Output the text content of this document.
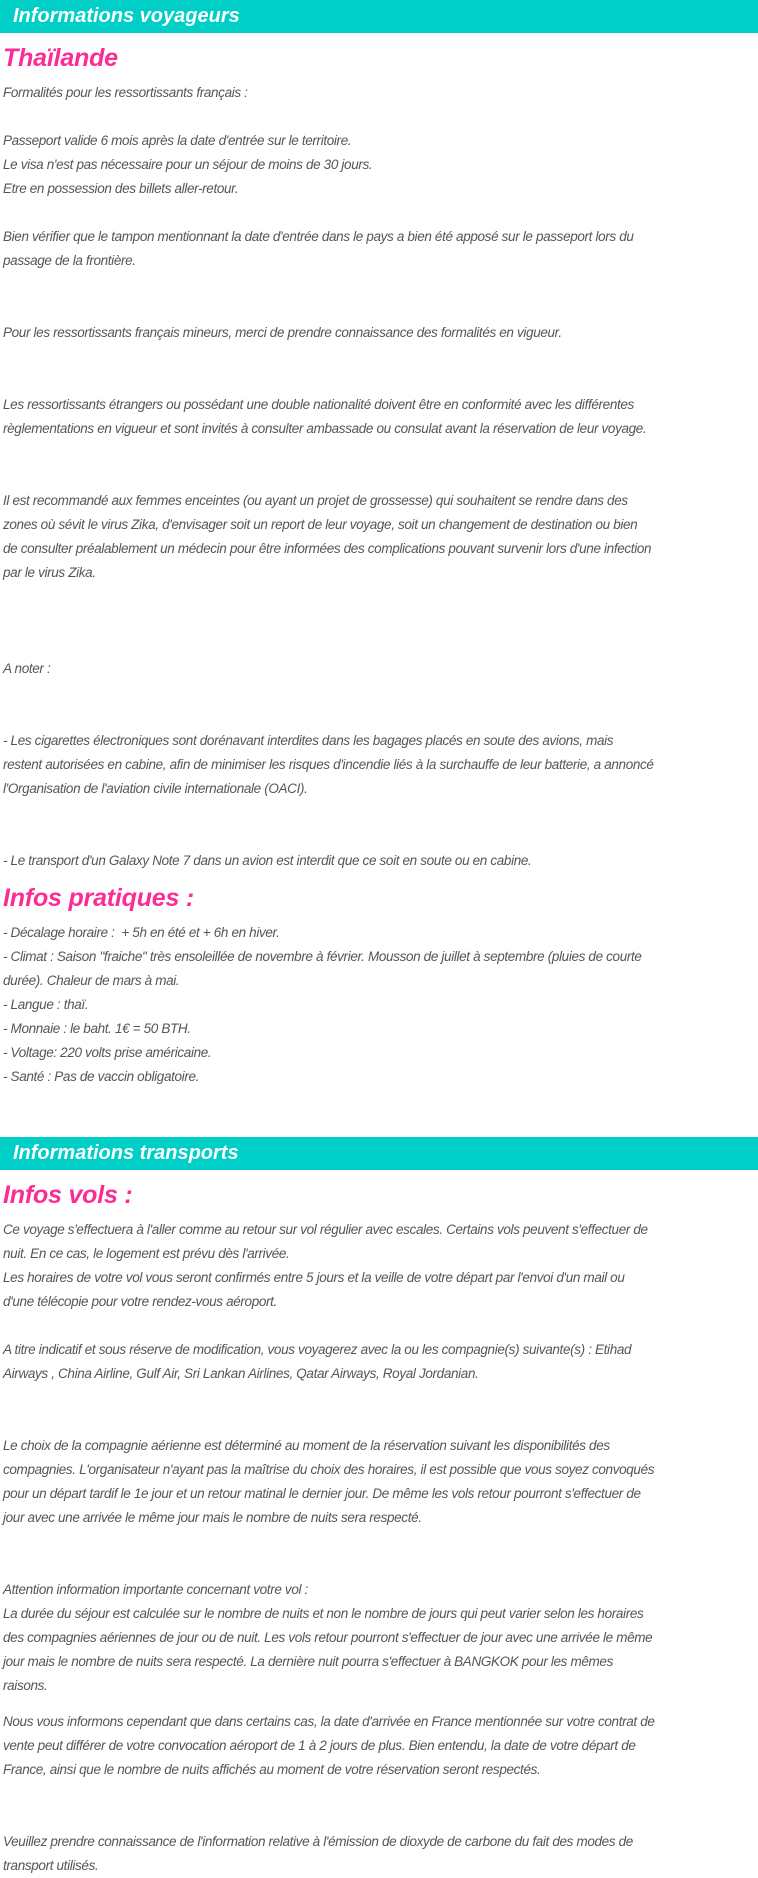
Informations voyageurs
Thaïlande

Formalités pour les ressortissants français :

Passeport valide 6 mois après la date d'entrée sur le territoire.
Le visa n'est pas nécessaire pour un séjour de moins de 30 jours.
Etre en possession des billets aller-retour.

Bien vérifier que le tampon mentionnant la date d'entrée dans le pays a bien été apposé sur le passeport lors du passage de la frontière.

Pour les ressortissants français mineurs, merci de prendre connaissance des formalités en vigueur.

Les ressortissants étrangers ou possédant une double nationalité doivent être en conformité avec les différentes règlementations en vigueur et sont invités à consulter ambassade ou consulat avant la réservation de leur voyage.

Il est recommandé aux femmes enceintes (ou ayant un projet de grossesse) qui souhaitent se rendre dans des zones où sévit le virus Zika, d'envisager soit un report de leur voyage, soit un changement de destination ou bien de consulter préalablement un médecin pour être informées des complications pouvant survenir lors d'une infection par le virus Zika.

A noter :

- Les cigarettes électroniques sont dorénavant interdites dans les bagages placés en soute des avions, mais restent autorisées en cabine, afin de minimiser les risques d'incendie liés à la surchauffe de leur batterie, a annoncé l'Organisation de l'aviation civile internationale (OACI).

- Le transport d'un Galaxy Note 7 dans un avion est interdit que ce soit en soute ou en cabine.

Infos pratiques :

- Décalage horaire :  + 5h en été et + 6h en hiver.
- Climat : Saison "fraiche" très ensoleillée de novembre à février. Mousson de juillet à septembre (pluies de courte durée). Chaleur de mars à mai.
- Langue : thaï.
- Monnaie : le baht. 1€ = 50 BTH.
- Voltage: 220 volts prise américaine.
- Santé : Pas de vaccin obligatoire.

Informations transports
Infos vols :

Ce voyage s'effectuera à l'aller comme au retour sur vol régulier avec escales. Certains vols peuvent s'effectuer de nuit. En ce cas, le logement est prévu dès l'arrivée.
Les horaires de votre vol vous seront confirmés entre 5 jours et la veille de votre départ par l'envoi d'un mail ou d'une télécopie pour votre rendez-vous aéroport.

A titre indicatif et sous réserve de modification, vous voyagerez avec la ou les compagnie(s) suivante(s) : Etihad Airways , China Airline, Gulf Air, Sri Lankan Airlines, Qatar Airways, Royal Jordanian.

Le choix de la compagnie aérienne est déterminé au moment de la réservation suivant les disponibilités des compagnies. L'organisateur n'ayant pas la maîtrise du choix des horaires, il est possible que vous soyez convoqués pour un départ tardif le 1e jour et un retour matinal le dernier jour. De même les vols retour pourront s'effectuer de jour avec une arrivée le même jour mais le nombre de nuits sera respecté.

Attention information importante concernant votre vol :
La durée du séjour est calculée sur le nombre de nuits et non le nombre de jours qui peut varier selon les horaires des compagnies aériennes de jour ou de nuit. Les vols retour pourront s'effectuer de jour avec une arrivée le même jour mais le nombre de nuits sera respecté. La dernière nuit pourra s'effectuer à BANGKOK pour les mêmes raisons.

Nous vous informons cependant que dans certains cas, la date d'arrivée en France mentionnée sur votre contrat de vente peut différer de votre convocation aéroport de 1 à 2 jours de plus. Bien entendu, la date de votre départ de France, ainsi que le nombre de nuits affichés au moment de votre réservation seront respectés.

Veuillez prendre connaissance de l'information relative à l'émission de dioxyde de carbone du fait des modes de transport utilisés.
